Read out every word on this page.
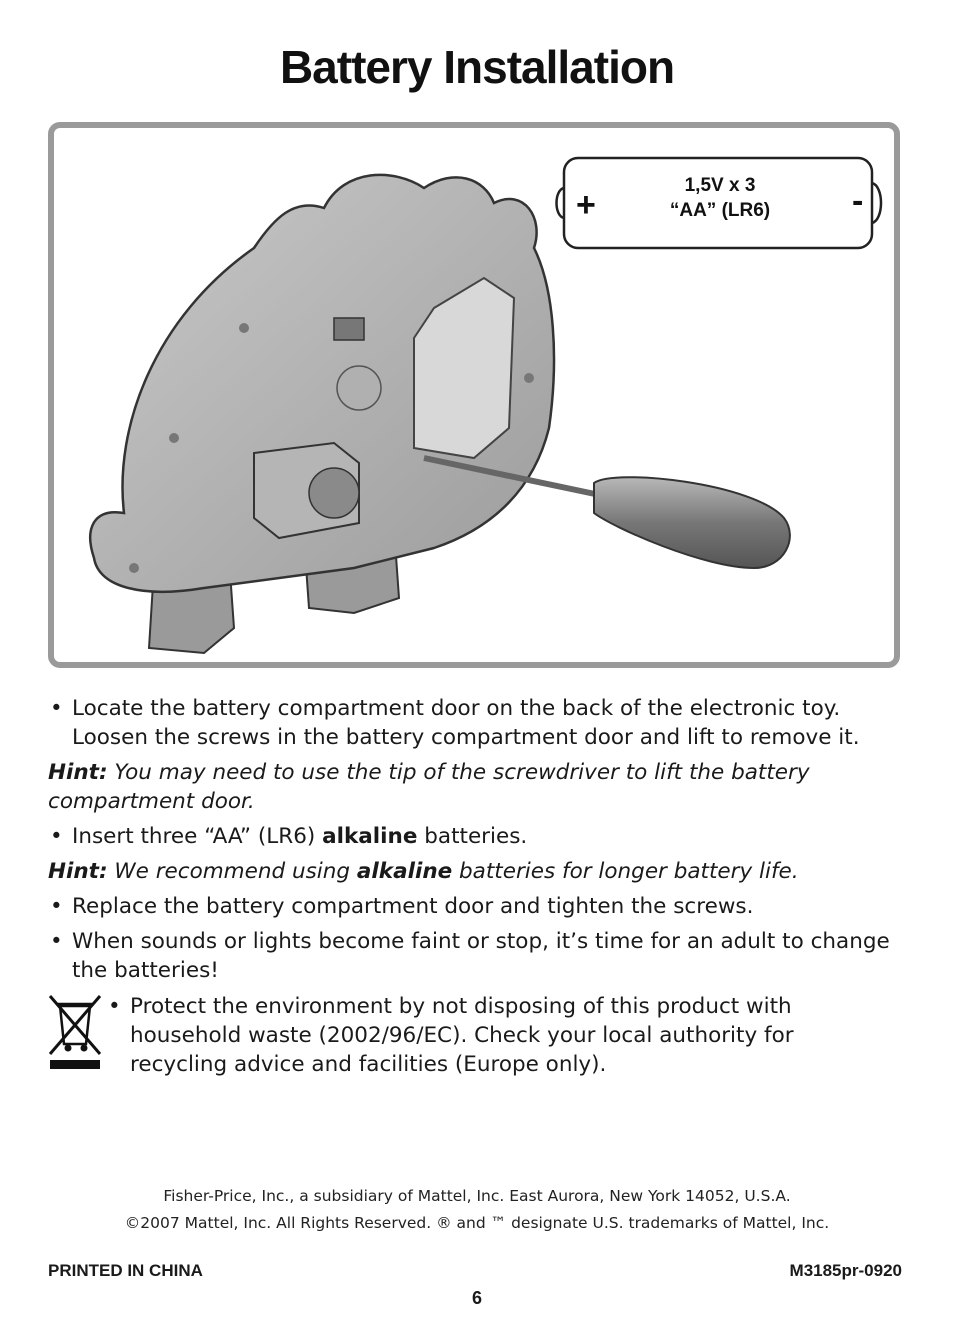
Battery Installation
+	-
1,5V x 3
“AA” (LR6)
• Locate the battery compartment door on the back of the electronic toy. Loosen the screws in the battery compartment door and lift to remove it.
Hint: You may need to use the tip of the screwdriver to lift the battery compartment door.
• Insert three “AA” (LR6) alkaline batteries.
Hint: We recommend using alkaline batteries for longer battery life.
• Replace the battery compartment door and tighten the screws.
• When sounds or lights become faint or stop, it’s time for an adult to change the batteries!
• Protect the environment by not disposing of this product with household waste (2002/96/EC). Check your local authority for recycling advice and facilities (Europe only).
Fisher-Price, Inc., a subsidiary of Mattel, Inc. East Aurora, New York 14052, U.S.A.
©2007 Mattel, Inc. All Rights Reserved. ® and ™ designate U.S. trademarks of Mattel, Inc.
PRINTED IN CHINA	M3185pr-0920
6
